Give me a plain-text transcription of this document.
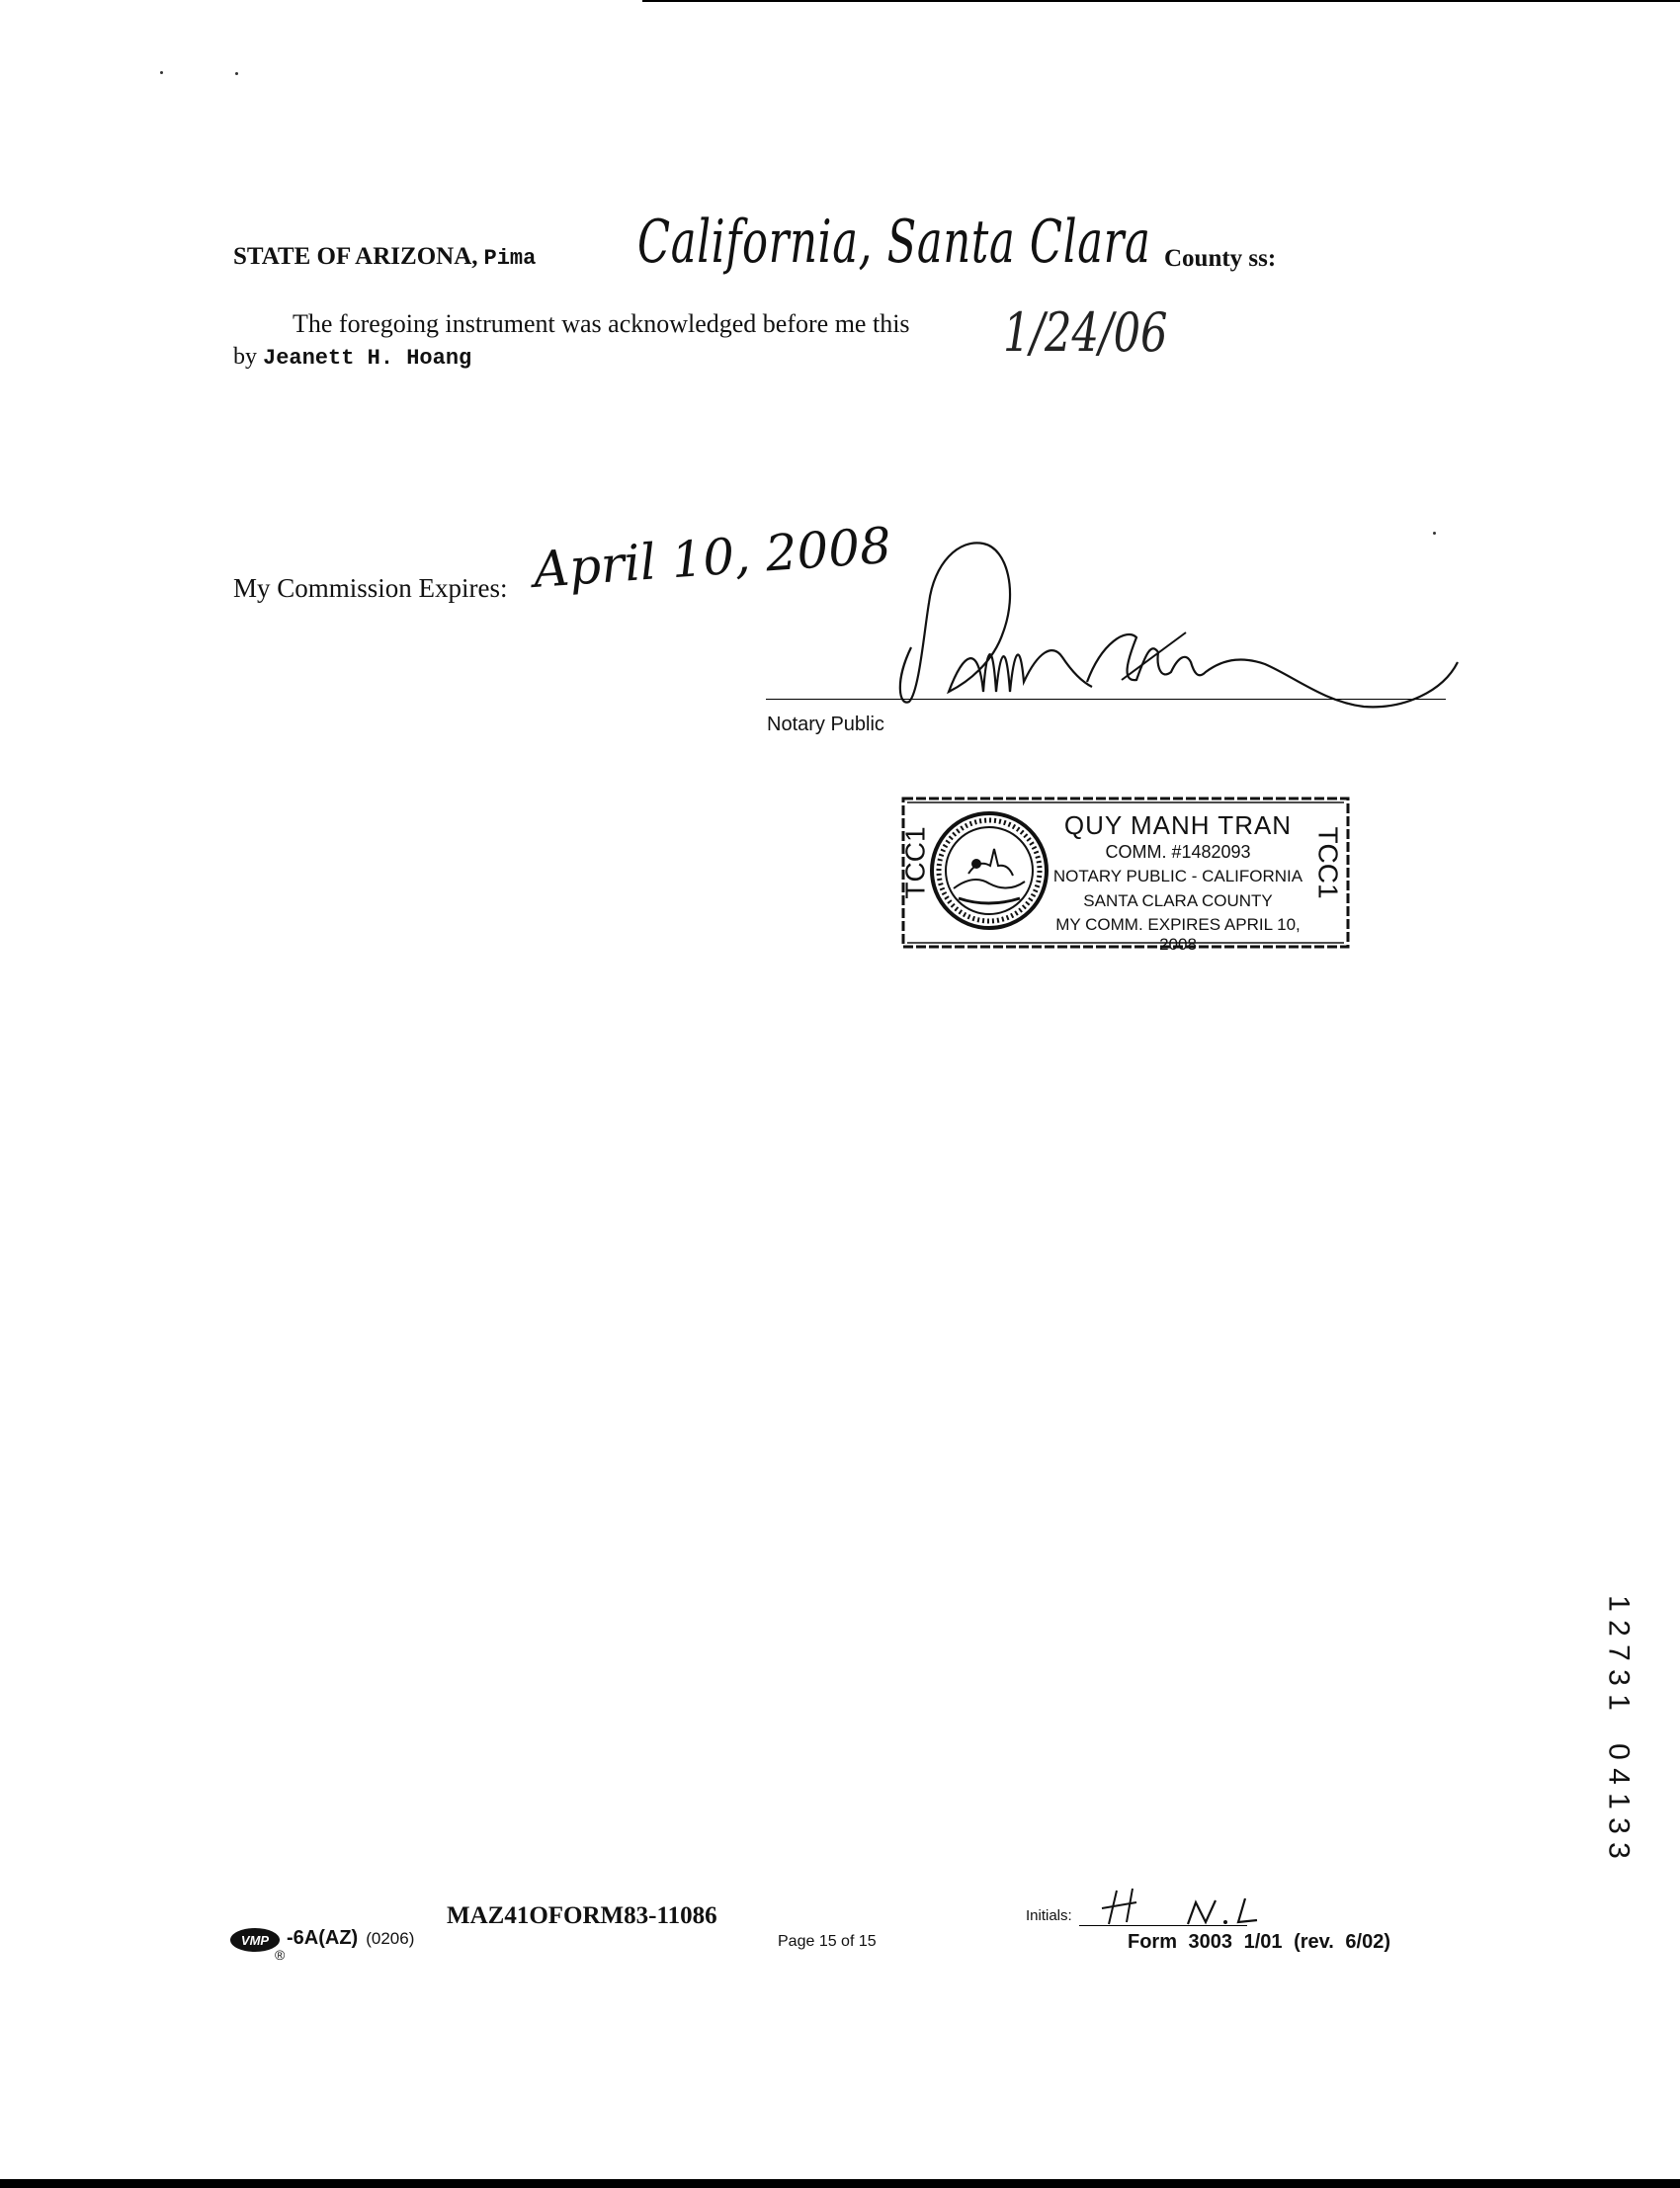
STATE OF ARIZONA, Pima California, Santa Clara County ss:
The foregoing instrument was acknowledged before me this 1/24/06
by Jeanett H. Hoang
My Commission Expires: April 10, 2008
Notary Public
TCC1	TCC1
QUY MANH TRAN
COMM. #1482093
NOTARY PUBLIC - CALIFORNIA
SANTA CLARA COUNTY
MY COMM. EXPIRES APRIL 10, 2008
1
2
7
3
1

0
4
1
3
3
VMP -6A(AZ) (0206)
®
MAZ41OFORM83-11086
Page 15 of 15
Initials:
Form 3003 1/01 (rev. 6/02)
